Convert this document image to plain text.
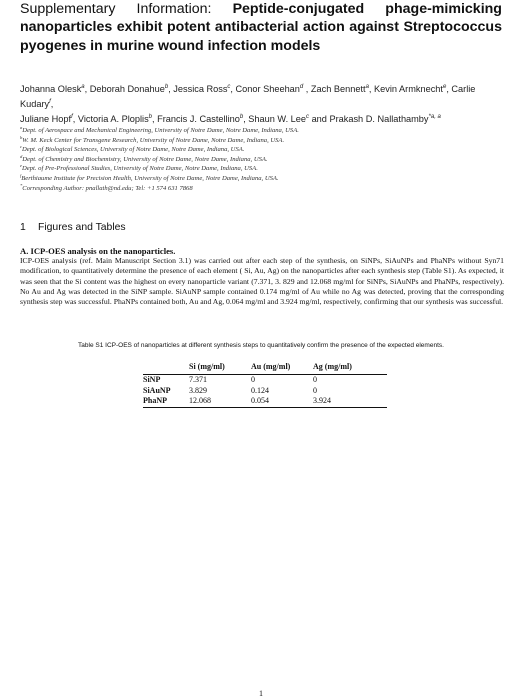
Supplementary Information: Peptide-conjugated phage-mimicking nanoparticles exhibit potent antibacterial action against Streptococcus pyogenes in murine wound infection models
Johanna Olesk$^a$, Deborah Donahue$^b$, Jessica Ross$^c$, Conor Sheehan$^d$ , Zach Bennett$^a$, Kevin Armknecht$^e$, Carlie Kudary$^f$,
Juliane Hopf$^f$, Victoria A. Ploplis$^b$, Francis J. Castellino$^b$, Shaun W. Lee$^c$ and Prakash D. Nallathamby$^{*a, a}$
$^a$Dept. of Aerospace and Mechanical Engineering, University of Notre Dame, Notre Dame, Indiana, USA.
$^b$W. M. Keck Center for Transgene Research, University of Notre Dame, Notre Dame, Indiana, USA.
$^c$Dept. of Biological Sciences, University of Notre Dame, Notre Dame, Indiana, USA.
$^d$Dept. of Chemistry and Biochemistry, University of Notre Dame, Notre Dame, Indiana, USA.
$^e$Dept. of Pre-Professional Studies, University of Notre Dame, Notre Dame, Indiana, USA.
$^f$Berthiaume Institute for Precision Health, University of Notre Dame, Notre Dame, Indiana, USA.
*Corresponding Author: pnallath@nd.edu; Tel: +1 574 631 7868
1 Figures and Tables
A. ICP-OES analysis on the nanoparticles.
ICP-OES analysis (ref. Main Manuscript Section 3.1) was carried out after each step of the synthesis, on SiNPs, SiAuNPs and PhaNPs without Syn71 modification, to quantitatively determine the presence of each element ( Si, Au, Ag) on the nanoparticles after each synthesis step (Table S1). As expected, it was seen that the Si content was the highest on every nanoparticle variant (7.371, 3. 829 and 12.068 mg/ml for SiNPs, SiAuNPs and PhaNPs, respectively). No Au and Ag was detected in the SiNP sample. SiAuNP sample contained 0.174 mg/ml of Au while no Ag was detected, proving that the corresponding synthesis step was successful. PhaNPs contained both, Au and Ag, 0.064 mg/ml and 3.924 mg/ml, respectively, confirming that our synthesis was successful.
Table S1 ICP-OES of nanoparticles at different synthesis steps to quantitatively confirm the presence of the expected elements.
	Si (mg/ml)	Au (mg/ml)	Ag (mg/ml)
SiNP	7.371	0	0
SiAuNP	3.829	0.124	0
PhaNP	12.068	0.054	3.924
1
